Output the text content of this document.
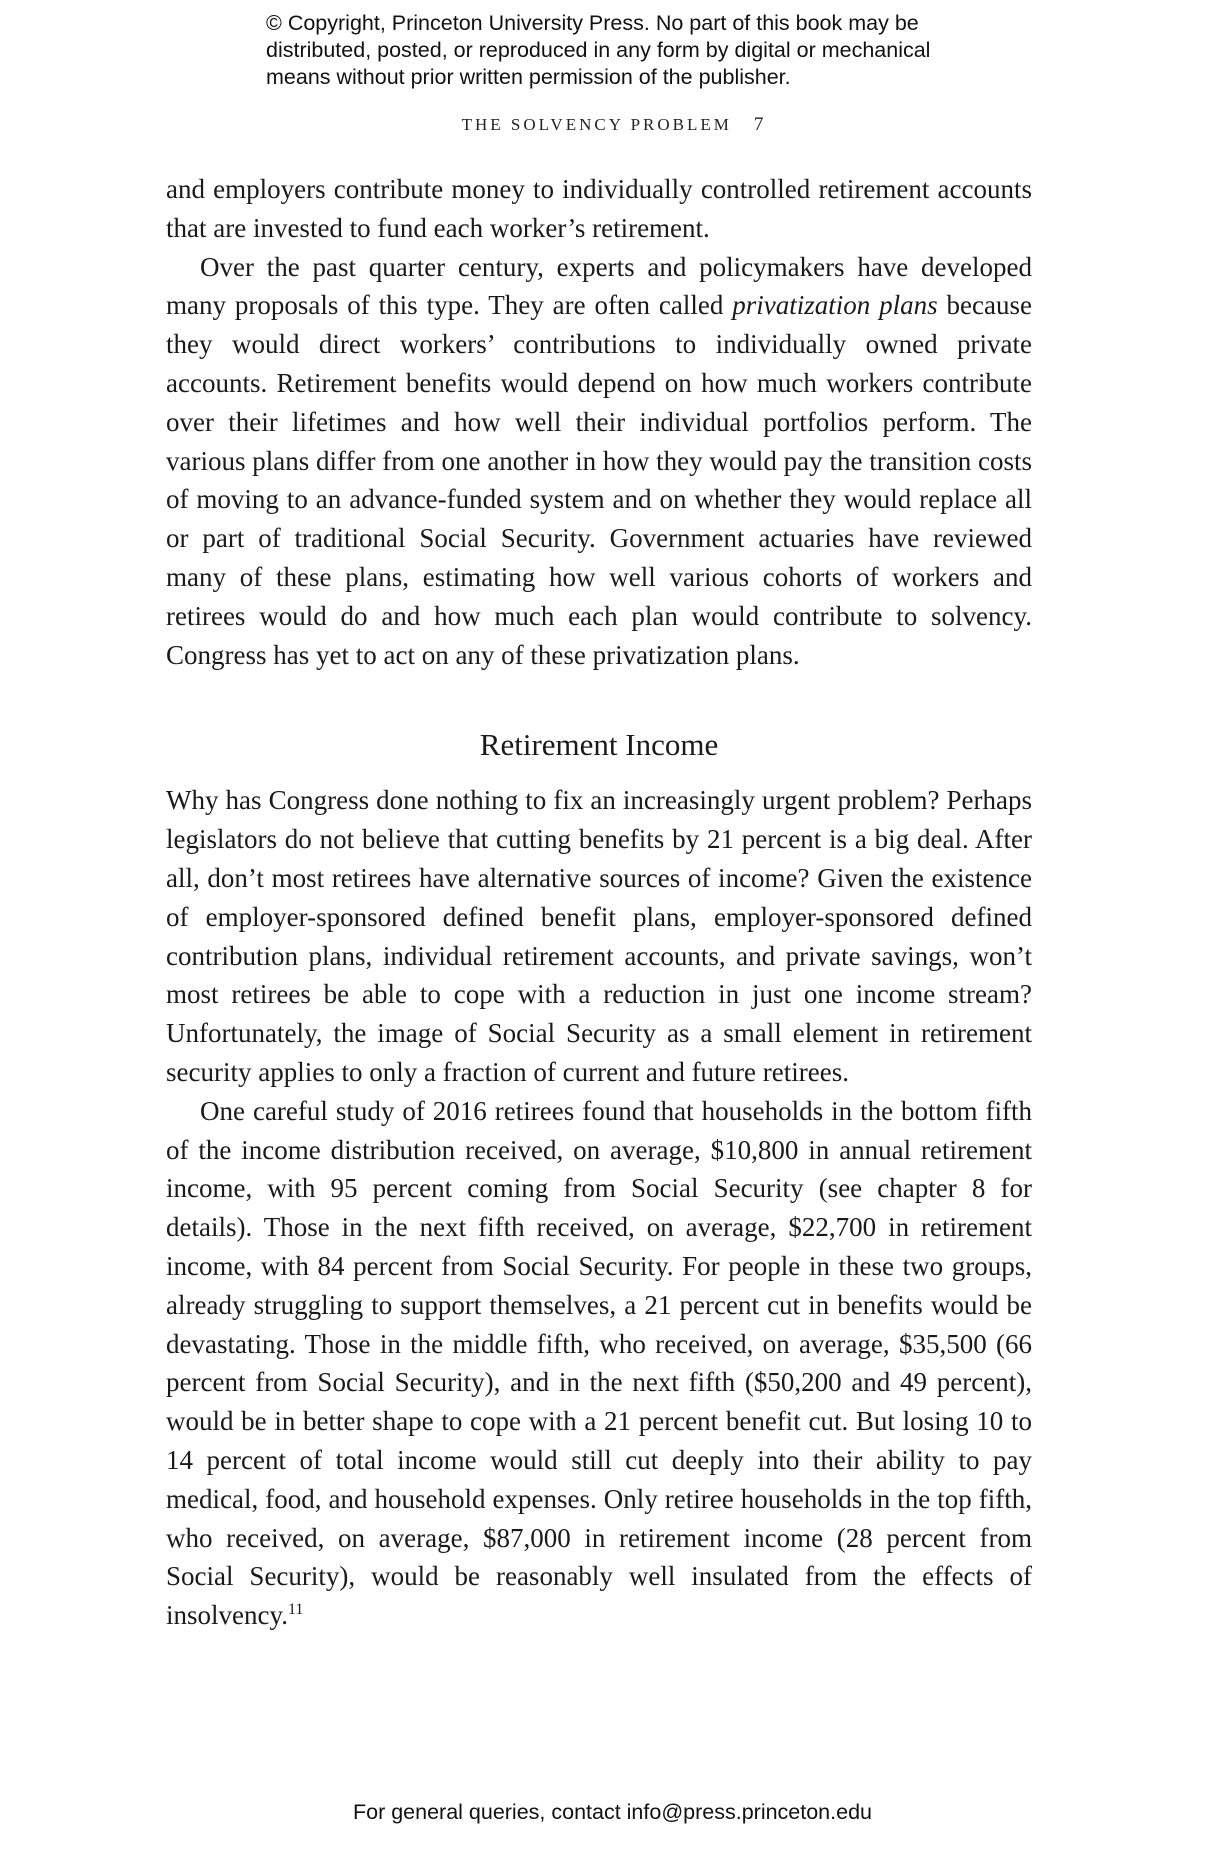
© Copyright, Princeton University Press. No part of this book may be
distributed, posted, or reproduced in any form by digital or mechanical
means without prior written permission of the publisher.
THE SOLVENCY PROBLEM 7

and employers contribute money to individually controlled retirement accounts that are invested to fund each worker’s retirement.

Over the past quarter century, experts and policymakers have developed many proposals of this type. They are often called privatization plans because they would direct workers’ contributions to individually owned private accounts. Retirement benefits would depend on how much workers contribute over their lifetimes and how well their individual portfolios perform. The various plans differ from one another in how they would pay the transition costs of moving to an advance-funded system and on whether they would replace all or part of traditional Social Security. Government actuaries have reviewed many of these plans, estimating how well various cohorts of workers and retirees would do and how much each plan would contribute to solvency. Congress has yet to act on any of these privatization plans.

Retirement Income

Why has Congress done nothing to fix an increasingly urgent problem? Perhaps legislators do not believe that cutting benefits by 21 percent is a big deal. After all, don’t most retirees have alternative sources of income? Given the existence of employer-sponsored defined benefit plans, employer-sponsored defined contribution plans, individual retirement accounts, and private savings, won’t most retirees be able to cope with a reduction in just one income stream? Unfortunately, the image of Social Security as a small element in retirement security applies to only a fraction of current and future retirees.

One careful study of 2016 retirees found that households in the bottom fifth of the income distribution received, on average, $10,800 in annual retirement income, with 95 percent coming from Social Security (see chapter 8 for details). Those in the next fifth received, on average, $22,700 in retirement income, with 84 percent from Social Security. For people in these two groups, already struggling to support themselves, a 21 percent cut in benefits would be devastating. Those in the middle fifth, who received, on average, $35,500 (66 percent from Social Security), and in the next fifth ($50,200 and 49 percent), would be in better shape to cope with a 21 percent benefit cut. But losing 10 to 14 percent of total income would still cut deeply into their ability to pay medical, food, and household expenses. Only retiree households in the top fifth, who received, on average, $87,000 in retirement income (28 percent from Social Security), would be reasonably well insulated from the effects of insolvency.$^{11}$

For general queries, contact info@press.princeton.edu
